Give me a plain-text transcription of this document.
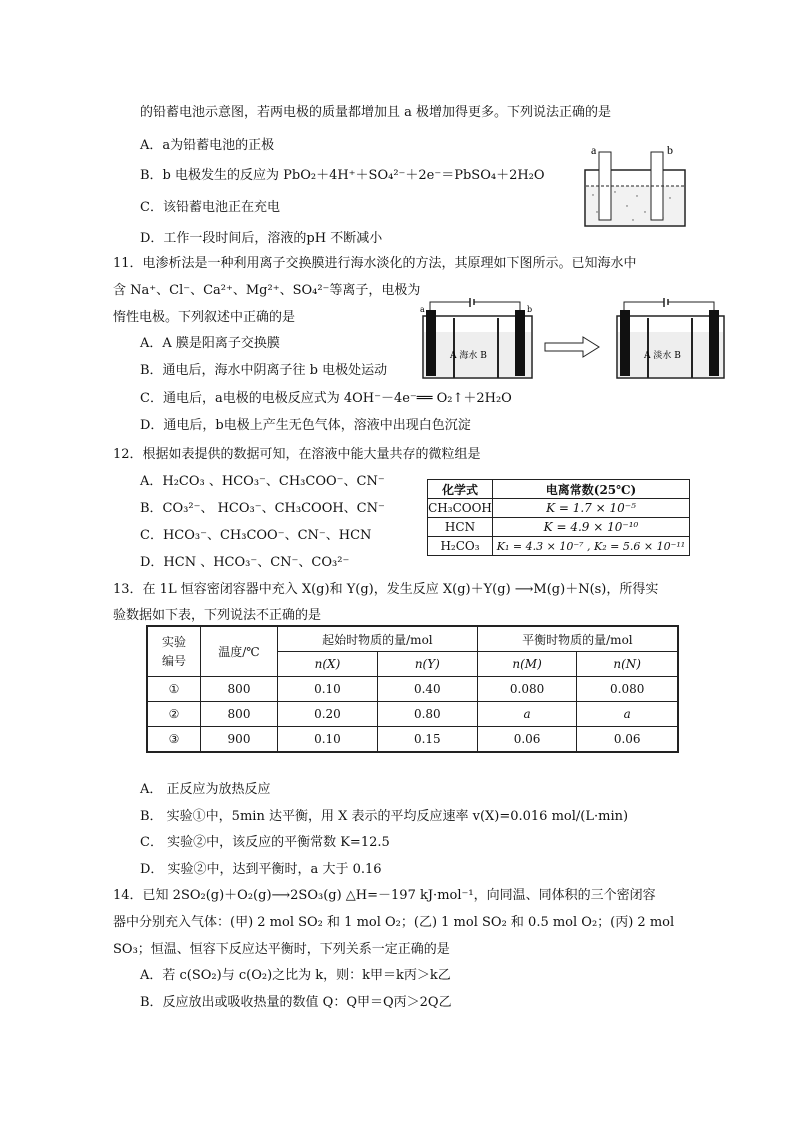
的铅蓄电池示意图，若两电极的质量都增加且 a 极增加得更多。下列说法正确的是
A．a为铅蓄电池的正极
B．b 电极发生的反应为 PbO₂＋4H⁺＋SO₄²⁻＋2e⁻＝PbSO₄＋2H₂O
C．该铅蓄电池正在充电
D．工作一段时间后，溶液的pH 不断减小
a	b
11．电渗析法是一种利用离子交换膜进行海水淡化的方法，其原理如下图所示。已知海水中
含 Na⁺、Cl⁻、Ca²⁺、Mg²⁺、SO₄²⁻等离子，电极为
惰性电极。下列叙述中正确的是
A．A 膜是阳离子交换膜
B．通电后，海水中阴离子往 b 电极处运动
C．通电后，a电极的电极反应式为 4OH⁻－4e⁻══ O₂↑＋2H₂O
D．通电后，b电极上产生无色气体，溶液中出现白色沉淀
a	b
A 海水 B	A 淡水 B
12．根据如表提供的数据可知，在溶液中能大量共存的微粒组是
A．H₂CO₃ 、HCO₃⁻、CH₃COO⁻、CN⁻
B．CO₃²⁻、 HCO₃⁻、CH₃COOH、CN⁻
C．HCO₃⁻、CH₃COO⁻、CN⁻、HCN
D．HCN 、HCO₃⁻、CN⁻、CO₃²⁻
化学式	电离常数(25℃)
CH₃COOH	K = 1.7 × 10⁻⁵
HCN	K = 4.9 × 10⁻¹⁰
H₂CO₃	K₁ = 4.3 × 10⁻⁷ , K₂ = 5.6 × 10⁻¹¹
13．在 1L 恒容密闭容器中充入 X(g)和 Y(g)，发生反应 X(g)＋Y(g) ⟶M(g)＋N(s)，所得实
验数据如下表，下列说法不正确的是
实验
编号	温度/℃	起始时物质的量/mol		平衡时物质的量/mol	
		n(X)	n(Y)	n(M)	n(N)
①	800	0.10	0.40	0.080	0.080
②	800	0.20	0.80	a	a
③	900	0.10	0.15	0.06	0.06
A． 正反应为放热反应
B． 实验①中，5min 达平衡，用 X 表示的平均反应速率 v(X)=0.016 mol/(L·min)
C． 实验②中，该反应的平衡常数 K=12.5
D． 实验②中，达到平衡时，a 大于 0.16
14．已知 2SO₂(g)＋O₂(g)⟶2SO₃(g) △H=－197 kJ·mol⁻¹，向同温、同体积的三个密闭容
器中分别充入气体：(甲) 2 mol SO₂ 和 1 mol O₂；(乙) 1 mol SO₂ 和 0.5 mol O₂；(丙) 2 mol
SO₃；恒温、恒容下反应达平衡时，下列关系一定正确的是
A．若 c(SO₂)与 c(O₂)之比为 k，则：k甲＝k丙＞k乙
B．反应放出或吸收热量的数值 Q：Q甲＝Q丙＞2Q乙
